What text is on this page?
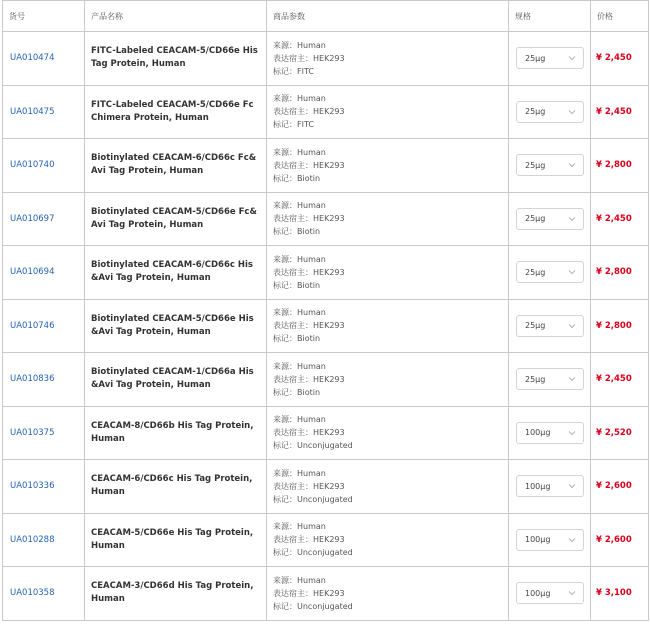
货号	产品名称	商品参数	规格	价格
UA010474	FITC-Labeled CEACAM-5/CD66e His Tag Protein, Human	来源：Human
表达宿主：HEK293
标记：FITC	25μg	¥ 2,450
UA010475	FITC-Labeled CEACAM-5/CD66e Fc Chimera Protein, Human	来源：Human
表达宿主：HEK293
标记：FITC	25μg	¥ 2,450
UA010740	Biotinylated CEACAM-6/CD66c Fc&Avi Tag Protein, Human	来源：Human
表达宿主：HEK293
标记：Biotin	25μg	¥ 2,800
UA010697	Biotinylated CEACAM-5/CD66e Fc&Avi Tag Protein, Human	来源：Human
表达宿主：HEK293
标记：Biotin	25μg	¥ 2,450
UA010694	Biotinylated CEACAM-6/CD66c His&Avi Tag Protein, Human	来源：Human
表达宿主：HEK293
标记：Biotin	25μg	¥ 2,800
UA010746	Biotinylated CEACAM-5/CD66e His&Avi Tag Protein, Human	来源：Human
表达宿主：HEK293
标记：Biotin	25μg	¥ 2,800
UA010836	Biotinylated CEACAM-1/CD66a His&Avi Tag Protein, Human	来源：Human
表达宿主：HEK293
标记：Biotin	25μg	¥ 2,450
UA010375	CEACAM-8/CD66b His Tag Protein, Human	来源：Human
表达宿主：HEK293
标记：Unconjugated	100μg	¥ 2,520
UA010336	CEACAM-6/CD66c His Tag Protein, Human	来源：Human
表达宿主：HEK293
标记：Unconjugated	100μg	¥ 2,600
UA010288	CEACAM-5/CD66e His Tag Protein, Human	来源：Human
表达宿主：HEK293
标记：Unconjugated	100μg	¥ 2,600
UA010358	CEACAM-3/CD66d His Tag Protein, Human	来源：Human
表达宿主：HEK293
标记：Unconjugated	100μg	¥ 3,100
